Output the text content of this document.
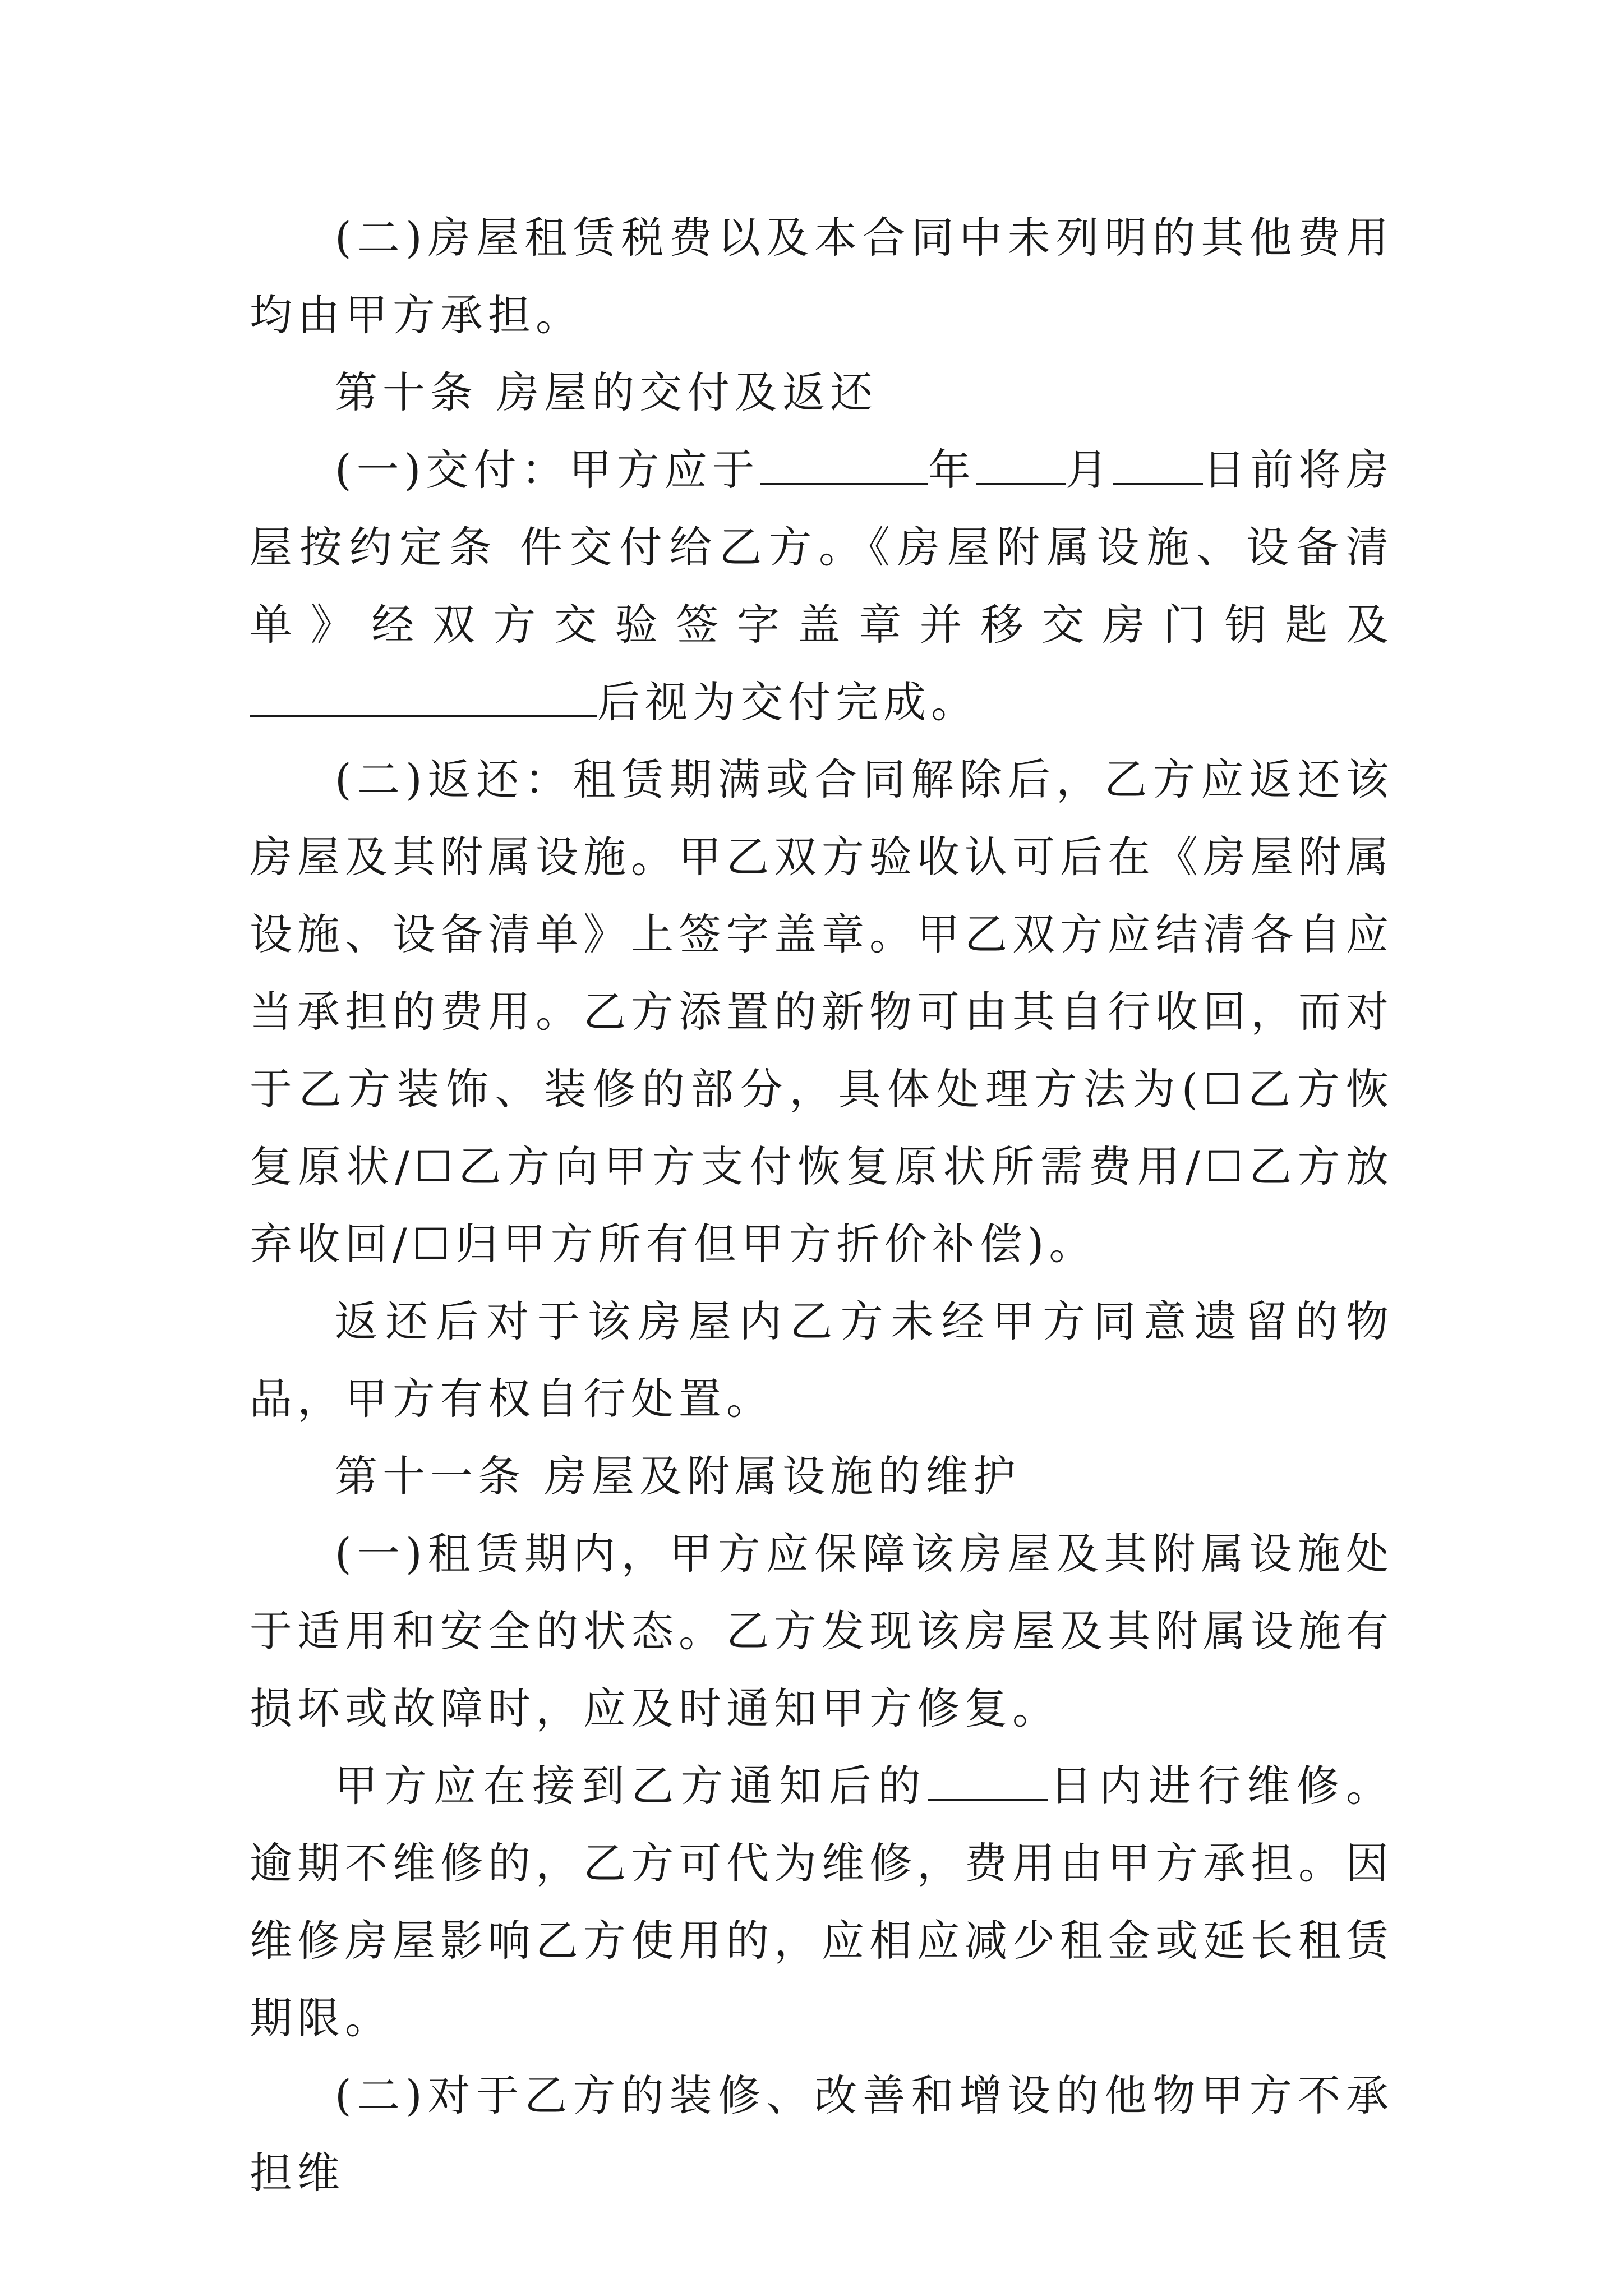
(二)房屋租赁税费以及本合同中未列明的其他费用均由甲方承担。

第十条 房屋的交付及返还

(一)交付：甲方应于	年 月 日前将房屋按约定条 件交付给乙方。《房屋附属设施、设备清单》经双方交验签字盖章并移交房门钥匙及后视为交付完成。

(二)返还：租赁期满或合同解除后，乙方应返还该房屋及其附属设施。甲乙双方验收认可后在《房屋附属设施、设备清单》上签字盖章。甲乙双方应结清各自应当承担的费用。乙方添置的新物可由其自行收回，而对于乙方装饰、装修的部分，具体处理方法为(☐乙方恢复原状/☐乙方向甲方支付恢复原状所需费用/☐乙方放弃收回/☐归甲方所有但甲方折价补偿)。

返还后对于该房屋内乙方未经甲方同意遗留的物品，甲方有权自行处置。

第十一条 房屋及附属设施的维护

(一)租赁期内，甲方应保障该房屋及其附属设施处于适用和安全的状态。乙方发现该房屋及其附属设施有损坏或故障时，应及时通知甲方修复。

甲方应在接到乙方通知后的	日内进行维修。逾期不维修的，乙方可代为维修，费用由甲方承担。因维修房屋影响乙方使用的，应相应减少租金或延长租赁期限。

(二)对于乙方的装修、改善和增设的他物甲方不承担维
